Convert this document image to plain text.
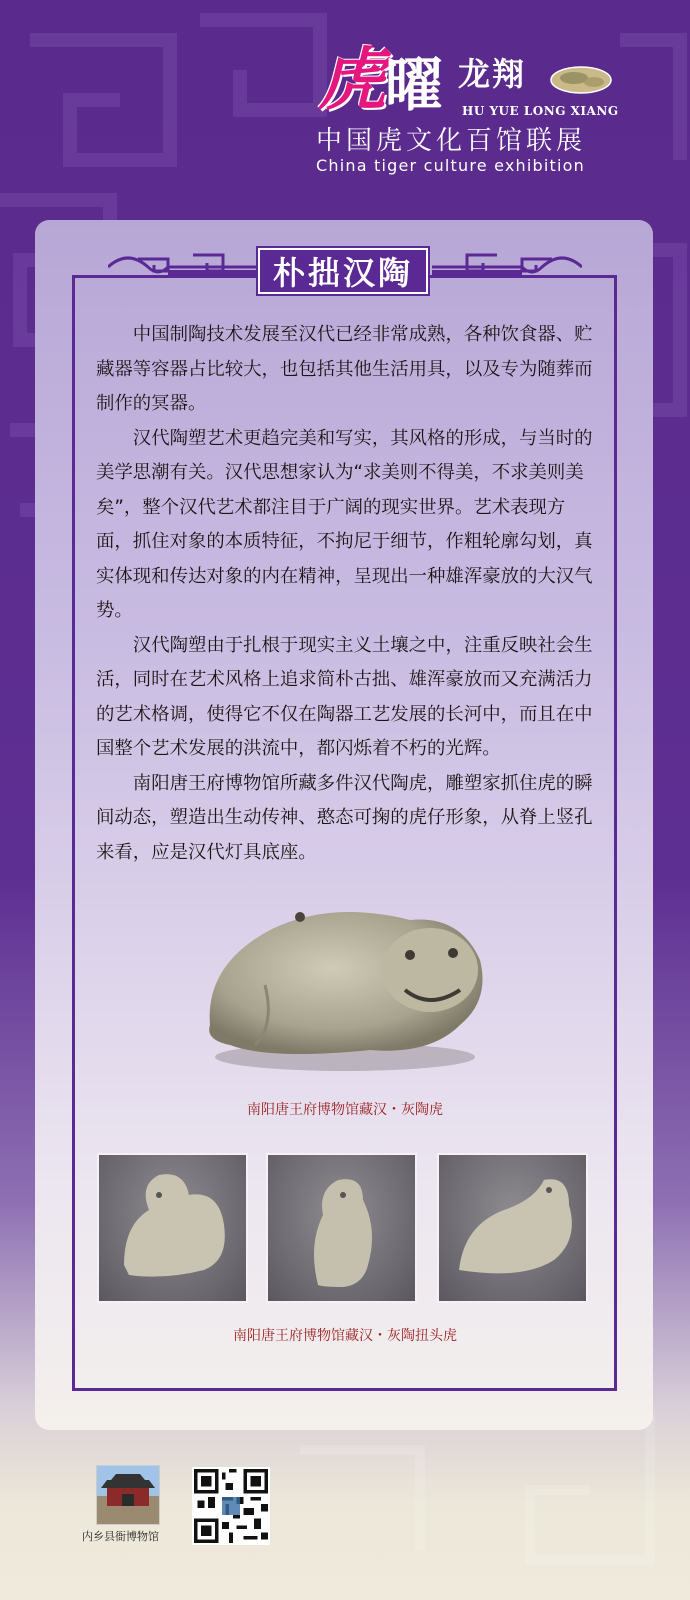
虎
曜 龙翔
HU YUE LONG XIANG
中国虎文化百馆联展
China tiger culture exhibition
朴拙汉陶

中国制陶技术发展至汉代已经非常成熟，各种饮食器、贮藏器等容器占比较大，也包括其他生活用具，以及专为随葬而制作的冥器。

汉代陶塑艺术更趋完美和写实，其风格的形成，与当时的美学思潮有关。汉代思想家认为“求美则不得美，不求美则美矣”，整个汉代艺术都注目于广阔的现实世界。艺术表现方面，抓住对象的本质特征，不拘尼于细节，作粗轮廓勾划，真实体现和传达对象的内在精神，呈现出一种雄浑豪放的大汉气势。

汉代陶塑由于扎根于现实主义土壤之中，注重反映社会生活，同时在艺术风格上追求简朴古拙、雄浑豪放而又充满活力的艺术格调，使得它不仅在陶器工艺发展的长河中，而且在中国整个艺术发展的洪流中，都闪烁着不朽的光辉。

南阳唐王府博物馆所藏多件汉代陶虎，雕塑家抓住虎的瞬间动态，塑造出生动传神、憨态可掬的虎仔形象，从脊上竖孔来看，应是汉代灯具底座。

南阳唐王府博物馆藏汉・灰陶虎
南阳唐王府博物馆藏汉・灰陶扭头虎
内乡县衙博物馆
